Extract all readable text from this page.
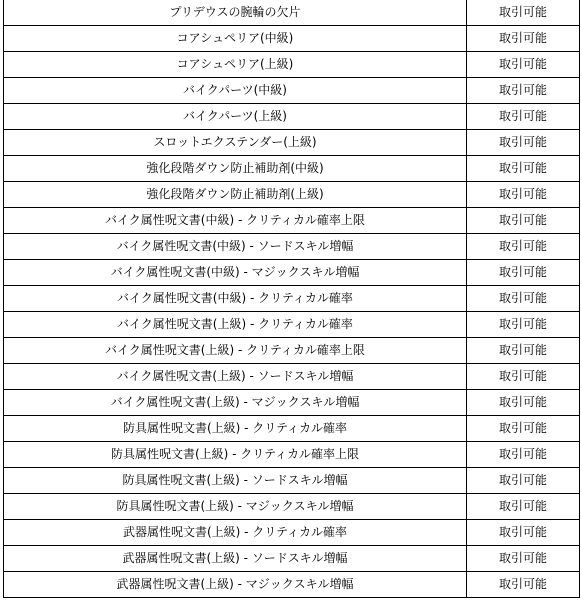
プリデウスの腕輪の欠片	取引可能
コアシュペリア(中級)	取引可能
コアシュペリア(上級)	取引可能
バイクパーツ(中級)	取引可能
バイクパーツ(上級)	取引可能
スロットエクステンダー(上級)	取引可能
強化段階ダウン防止補助剤(中級)	取引可能
強化段階ダウン防止補助剤(上級)	取引可能
バイク属性呪文書(中級) - クリティカル確率上限	取引可能
バイク属性呪文書(中級) - ソードスキル増幅	取引可能
バイク属性呪文書(中級) - マジックスキル増幅	取引可能
バイク属性呪文書(中級) - クリティカル確率	取引可能
バイク属性呪文書(上級) - クリティカル確率	取引可能
バイク属性呪文書(上級) - クリティカル確率上限	取引可能
バイク属性呪文書(上級) - ソードスキル増幅	取引可能
バイク属性呪文書(上級) - マジックスキル増幅	取引可能
防具属性呪文書(上級) - クリティカル確率	取引可能
防具属性呪文書(上級) - クリティカル確率上限	取引可能
防具属性呪文書(上級) - ソードスキル増幅	取引可能
防具属性呪文書(上級) - マジックスキル増幅	取引可能
武器属性呪文書(上級) - クリティカル確率	取引可能
武器属性呪文書(上級) - ソードスキル増幅	取引可能
武器属性呪文書(上級) - マジックスキル増幅	取引可能
